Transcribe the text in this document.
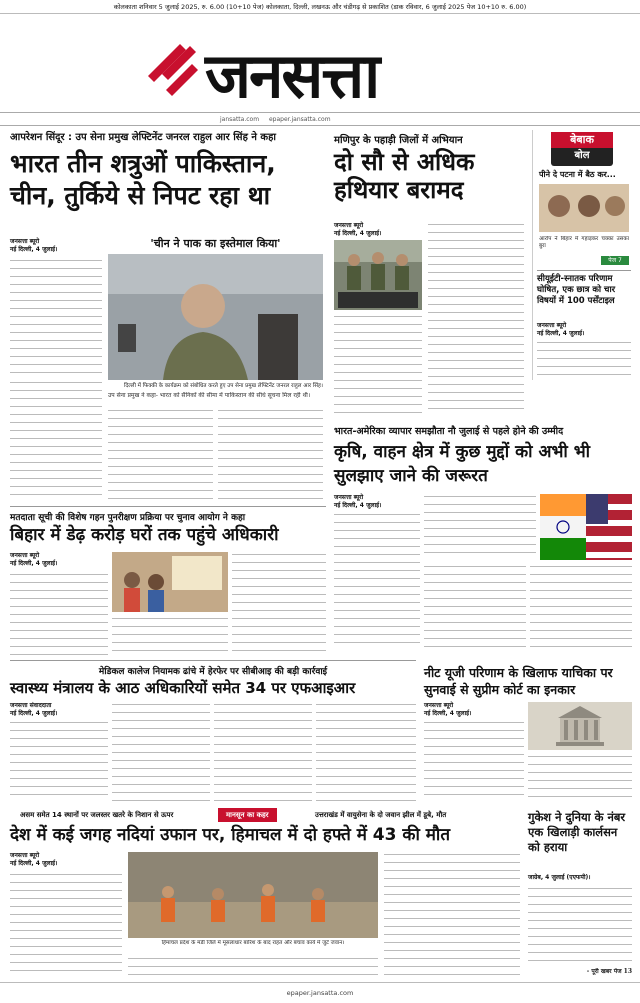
कोलकाता शनिवार 5 जुलाई 2025, रु. 6.00 (10+10 पेज) कोलकाता, दिल्ली, लखनऊ और चंडीगढ़ से प्रकाशित (डाक रविवार, 6 जुलाई 2025 पेज 10+10 रु. 6.00)
जनसत्ता
jansatta.com epaper.jansatta.com
आपरेशन सिंदूर : उप सेना प्रमुख लेफ्टिनेंट जनरल राहुल आर सिंह ने कहा
भारत तीन शत्रुओं पाकिस्तान, चीन, तुर्किये से निपट रहा था
जनसत्ता ब्यूरो
नई दिल्ली, 4 जुलाई।	'चीन ने पाक का इस्तेमाल किया'
दिल्ली में फिक्की के कार्यक्रम को संबोधित करते हुए उप सेना प्रमुख लेफ्टिनेंट जनरल राहुल आर सिंह।
उप सेना प्रमुख ने कहा- भारत को सैनिकों की सीमा में पाकिस्तान की सीधे सूचना मिल रही थी।
मणिपुर के पहाड़ी जिलों में अभियान
दो सौ से अधिक हथियार बरामद
जनसत्ता ब्यूरो
नई दिल्ली, 4 जुलाई।
बेबाक
बोल
पीने दे पटना में बैठ कर...
आरोप ने बिहार में गहाड़कर चक्का उसका बुरा
पेज 7
सीयूईटी-स्नातक परिणाम घोषित, एक छात्र को चार विषयों में 100 पर्सेंटाइल
जनसत्ता ब्यूरो
नई दिल्ली, 4 जुलाई।
भारत-अमेरिका व्यापार समझौता नौ जुलाई से पहले होने की उम्मीद
कृषि, वाहन क्षेत्र में कुछ मुद्दों को अभी भी सुलझाए जाने की जरूरत
जनसत्ता ब्यूरो
नई दिल्ली, 4 जुलाई।
मतदाता सूची की विशेष गहन पुनरीक्षण प्रक्रिया पर चुनाव आयोग ने कहा
बिहार में डेढ़ करोड़ घरों तक पहुंचे अधिकारी
जनसत्ता ब्यूरो
नई दिल्ली, 4 जुलाई।
मेडिकल कालेज नियामक ढांचे में हेरफेर पर सीबीआइ की बड़ी कार्रवाई
स्वास्थ्य मंत्रालय के आठ अधिकारियों समेत 34 पर एफआइआर
जनसत्ता संवाददाता
नई दिल्ली, 4 जुलाई।
नीट यूजी परिणाम के खिलाफ याचिका पर सुनवाई से सुप्रीम कोर्ट का इनकार
जनसत्ता ब्यूरो
नई दिल्ली, 4 जुलाई।
असम समेत 14 स्थानों पर जलस्तर खतरे के निशान से ऊपर	मानसून का कहर	उत्तराखंड में वायुसेना के दो जवान झील में डूबे, मौत
देश में कई जगह नदियां उफान पर, हिमाचल में दो हफ्ते में 43 की मौत
जनसत्ता ब्यूरो
नई दिल्ली, 4 जुलाई।
हिमाचल प्रदेश के मंडी जिले में मूसलाधार बारिश के बाद राहत और बचाव कार्य में जुटे जवान।
गुकेश ने दुनिया के नंबर एक खिलाड़ी कार्लसन को हराया
जाग्रेब, 4 जुलाई (एएफपी)।
- पूरी खबर पेज 13
epaper.jansatta.com
